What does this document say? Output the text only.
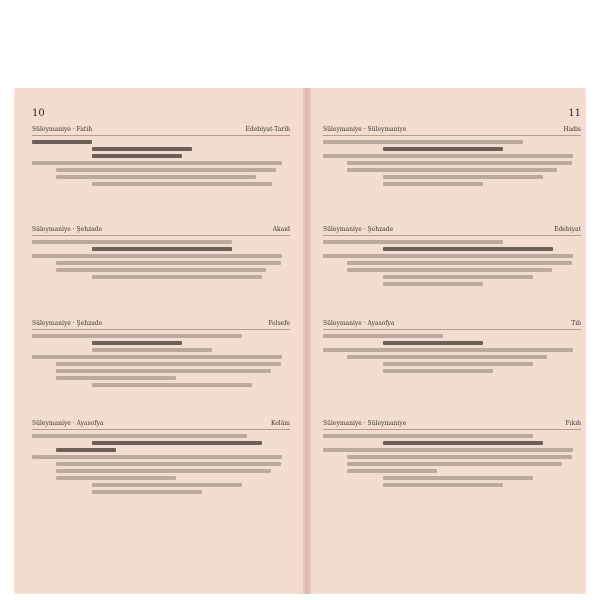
10
Süleymaniye · Fatih	Edebiyat-Tarih
Süleymaniye · Şehzade	Akaid
Süleymaniye · Şehzade	Felsefe
Süleymaniye · Ayasofya	Kelâm
11
Süleymaniye · Süleymaniye	Hadis
Süleymaniye · Şehzade	Edebiyat
Süleymaniye · Ayasofya	Tıb
Süleymaniye · Süleymaniye	Fıkıh
